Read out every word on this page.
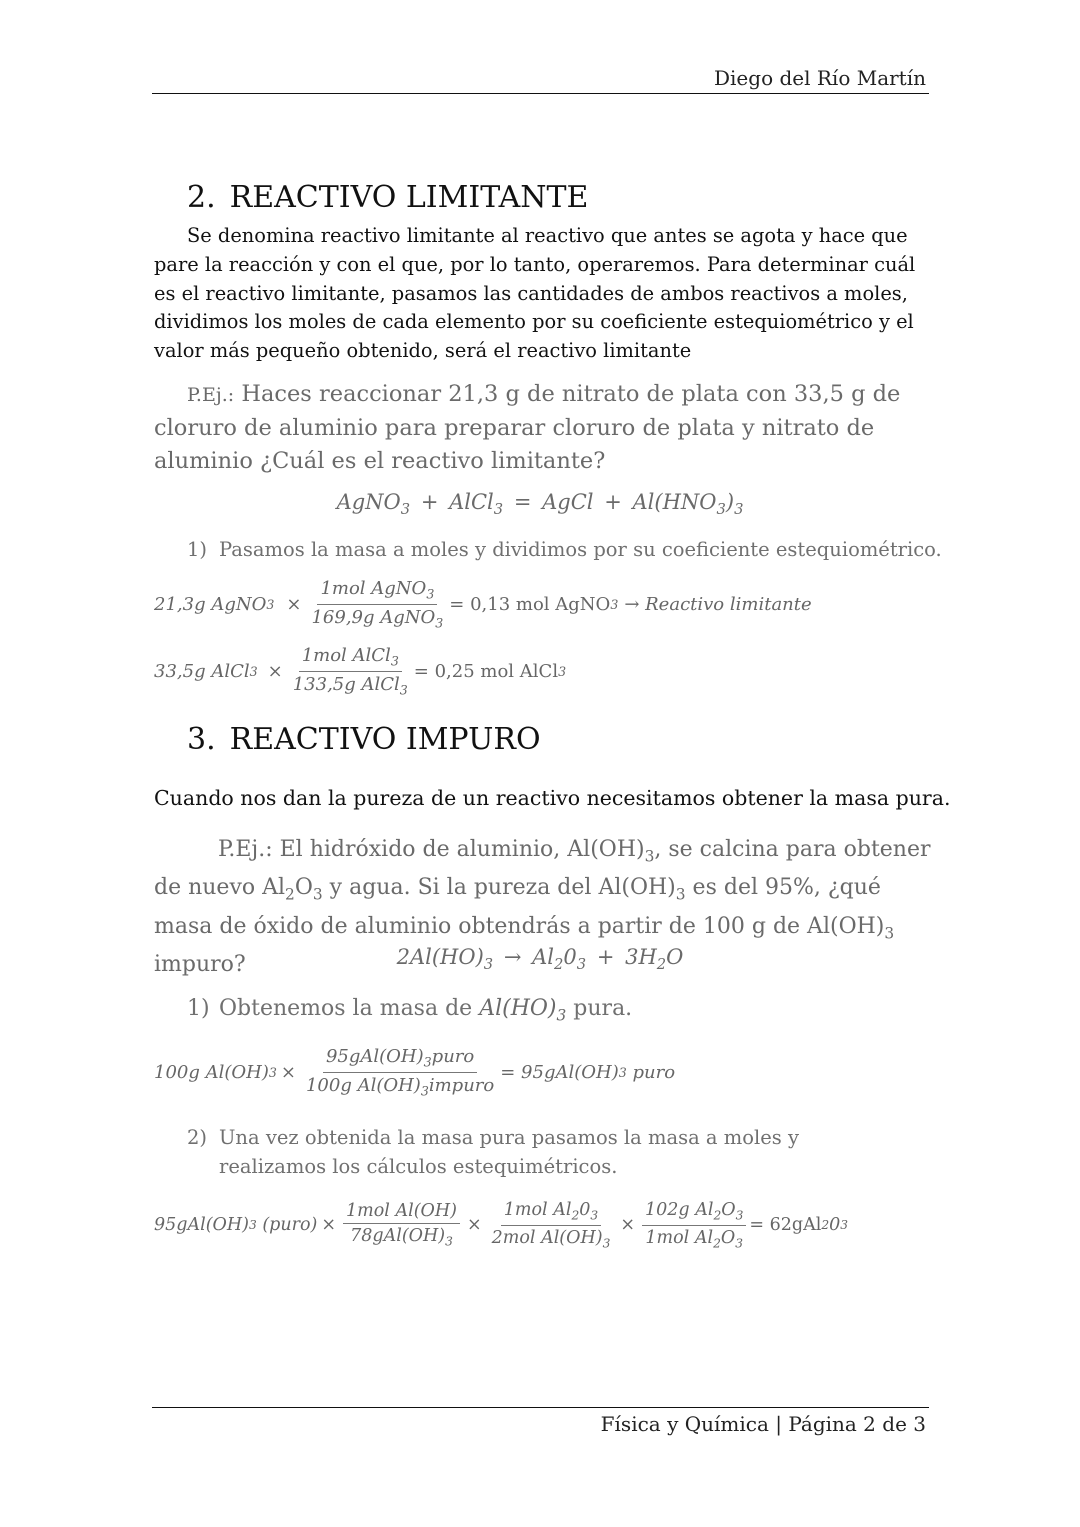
Diego del Río Martín
2. REACTIVO LIMITANTE

Se denomina reactivo limitante al reactivo que antes se agota y hace que pare la reacción y con el que, por lo tanto, operaremos. Para determinar cuál es el reactivo limitante, pasamos las cantidades de ambos reactivos a moles, dividimos los moles de cada elemento por su coeficiente estequiométrico y el valor más pequeño obtenido, será el reactivo limitante

P.Ej.: Haces reaccionar 21,3 g de nitrato de plata con 33,5 g de cloruro de aluminio para preparar cloruro de plata y nitrato de aluminio ¿Cuál es el reactivo limitante?
AgNO$_3$ + AlCl$_3$ = AgCl + $Al(HNO_3)_3$
1) Pasamos la masa a moles y dividimos por su coeficiente estequiométrico.
21,3g AgNO $3 \times \frac{1mol AgNO_3}{169,9g AgNO_3} = 0,13$ mol AgNO 3 → Reactivo limitante
33,5g AlCl $3 \times \frac{1mol AlCl_3}{133,5g AlCl_3} = 0,25$ mol AlCl 3
3. REACTIVO IMPURO
Cuando nos dan la pureza de un reactivo necesitamos obtener la masa pura.
P.Ej.: El hidróxido de aluminio, $Al(OH)_3$, se calcina para obtener de nuevo $Al_2O_3$ y agua. Si la pureza del $Al(OH)_3$ es del 95%, ¿qué masa de óxido de aluminio obtendrás a partir de 100 g de $Al(OH)_3$ impuro?	$2Al(HO)_3 \to Al_20_3 + 3H_2O$
1) Obtenemos la masa de $Al(HO)_3$ pura.
100g Al(OH) $3 \times \frac{95gAl(OH)_3puro}{100g Al(OH)_3impuro} = 95gAl(OH)$ 3
puro
2) Una vez obtenida la masa pura pasamos la masa a moles y realizamos los cálculos estequimétricos.
95gAl(OH) 3
(puro) × $\frac{\text{1mol Al(OH)}}{78gAl(OH)_3} \times \frac{1mol Al_20_3}{2mol Al(OH)_3} \times \frac{102g Al_2O_3}{1mol Al_2O_3} = 62gAl$ 2 0 3
Física y Química | Página 2 de 3
